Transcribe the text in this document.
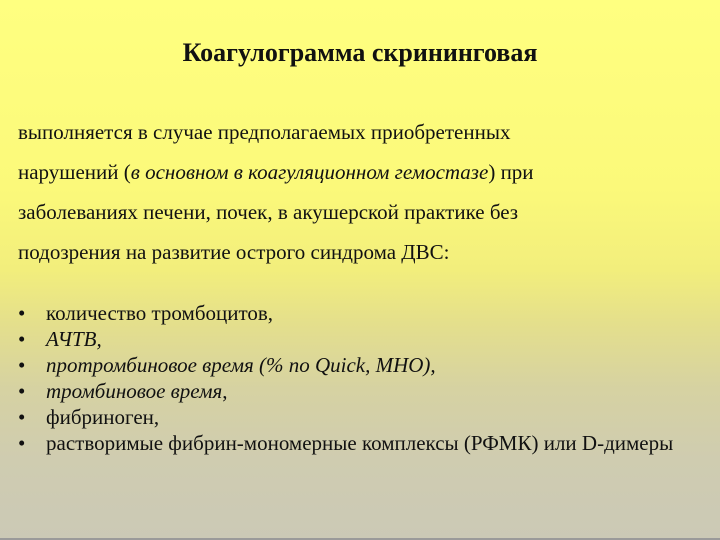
Коагулограмма скрининговая
выполняется в случае предполагаемых приобретенных
нарушений (в основном в коагуляционном гемостазе) при
заболеваниях печени, почек, в акушерской практике без
подозрения на развитие острого синдрома ДВС:
• количество тромбоцитов,
• АЧТВ,
• протромбиновое время (% по Quick, МНО),
• тромбиновое время,
• фибриноген,
• растворимые фибрин-мономерные комплексы (РФМК) или D-димеры
